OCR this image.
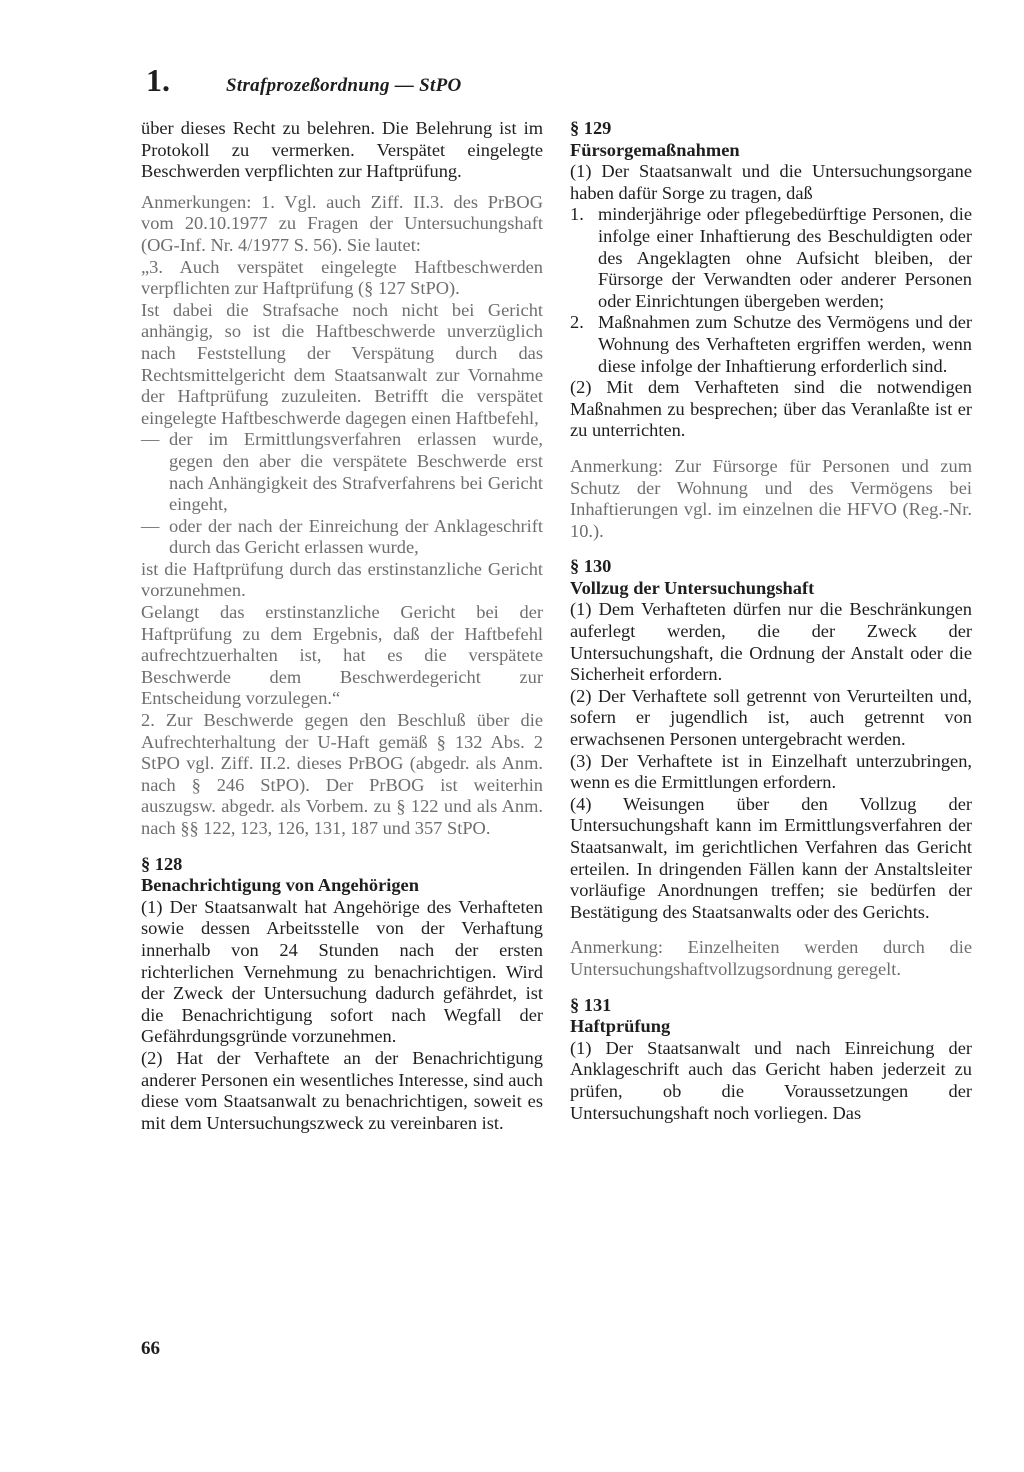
1.	Strafprozeßordnung — StPO

über dieses Recht zu belehren. Die Belehrung ist im Protokoll zu vermerken. Verspätet eingelegte Beschwerden verpflichten zur Haftprüfung.

Anmerkungen: 1. Vgl. auch Ziff. II.3. des PrBOG vom 20.10.1977 zu Fragen der Untersuchungshaft (OG-Inf. Nr. 4/1977 S. 56). Sie lautet:

„3. Auch verspätet eingelegte Haftbeschwerden verpflichten zur Haftprüfung (§ 127 StPO).

Ist dabei die Strafsache noch nicht bei Gericht anhängig, so ist die Haftbeschwerde unverzüglich nach Feststellung der Verspätung durch das Rechtsmittelgericht dem Staatsanwalt zur Vornahme der Haftprüfung zuzuleiten. Betrifft die verspätet eingelegte Haftbeschwerde dagegen einen Haftbefehl,

— der im Ermittlungsverfahren erlassen wurde, gegen den aber die verspätete Beschwerde erst nach Anhängigkeit des Strafverfahrens bei Gericht eingeht,
— oder der nach der Einreichung der Anklageschrift durch das Gericht erlassen wurde,

ist die Haftprüfung durch das erstinstanzliche Gericht vorzunehmen.

Gelangt das erstinstanzliche Gericht bei der Haftprüfung zu dem Ergebnis, daß der Haftbefehl aufrechtzuerhalten ist, hat es die verspätete Beschwerde dem Beschwerdegericht zur Entscheidung vorzulegen.“

2. Zur Beschwerde gegen den Beschluß über die Aufrechterhaltung der U-Haft gemäß § 132 Abs. 2 StPO vgl. Ziff. II.2. dieses PrBOG (abgedr. als Anm. nach § 246 StPO). Der PrBOG ist weiterhin auszugsw. abgedr. als Vorbem. zu § 122 und als Anm. nach §§ 122, 123, 126, 131, 187 und 357 StPO.

§ 128

Benachrichtigung von Angehörigen

(1) Der Staatsanwalt hat Angehörige des Verhafteten sowie dessen Arbeitsstelle von der Verhaftung innerhalb von 24 Stunden nach der ersten richterlichen Vernehmung zu benachrichtigen. Wird der Zweck der Untersuchung dadurch gefährdet, ist die Benachrichtigung sofort nach Wegfall der Gefährdungsgründe vorzunehmen.

(2) Hat der Verhaftete an der Benachrichtigung anderer Personen ein wesentliches Interesse, sind auch diese vom Staatsanwalt zu benachrichtigen, soweit es mit dem Untersuchungszweck zu vereinbaren ist.

§ 129

Fürsorgemaßnahmen

(1) Der Staatsanwalt und die Untersuchungsorgane haben dafür Sorge zu tragen, daß

1. minderjährige oder pflegebedürftige Personen, die infolge einer Inhaftierung des Beschuldigten oder des Angeklagten ohne Aufsicht bleiben, der Fürsorge der Verwandten oder anderer Personen oder Einrichtungen übergeben werden;
2. Maßnahmen zum Schutze des Vermögens und der Wohnung des Verhafteten ergriffen werden, wenn diese infolge der Inhaftierung erforderlich sind.

(2) Mit dem Verhafteten sind die notwendigen Maßnahmen zu besprechen; über das Veranlaßte ist er zu unterrichten.

Anmerkung: Zur Fürsorge für Personen und zum Schutz der Wohnung und des Vermögens bei Inhaftierungen vgl. im einzelnen die HFVO (Reg.-Nr. 10.).

§ 130

Vollzug der Untersuchungshaft

(1) Dem Verhafteten dürfen nur die Beschränkungen auferlegt werden, die der Zweck der Untersuchungshaft, die Ordnung der Anstalt oder die Sicherheit erfordern.

(2) Der Verhaftete soll getrennt von Verurteilten und, sofern er jugendlich ist, auch getrennt von erwachsenen Personen untergebracht werden.

(3) Der Verhaftete ist in Einzelhaft unterzubringen, wenn es die Ermittlungen erfordern.

(4) Weisungen über den Vollzug der Untersuchungshaft kann im Ermittlungsverfahren der Staatsanwalt, im gerichtlichen Verfahren das Gericht erteilen. In dringenden Fällen kann der Anstaltsleiter vorläufige Anordnungen treffen; sie bedürfen der Bestätigung des Staatsanwalts oder des Gerichts.

Anmerkung: Einzelheiten werden durch die Untersuchungshaftvollzugsordnung geregelt.

§ 131

Haftprüfung

(1) Der Staatsanwalt und nach Einreichung der Anklageschrift auch das Gericht haben jederzeit zu prüfen, ob die Voraussetzungen der Untersuchungshaft noch vorliegen. Das

66
